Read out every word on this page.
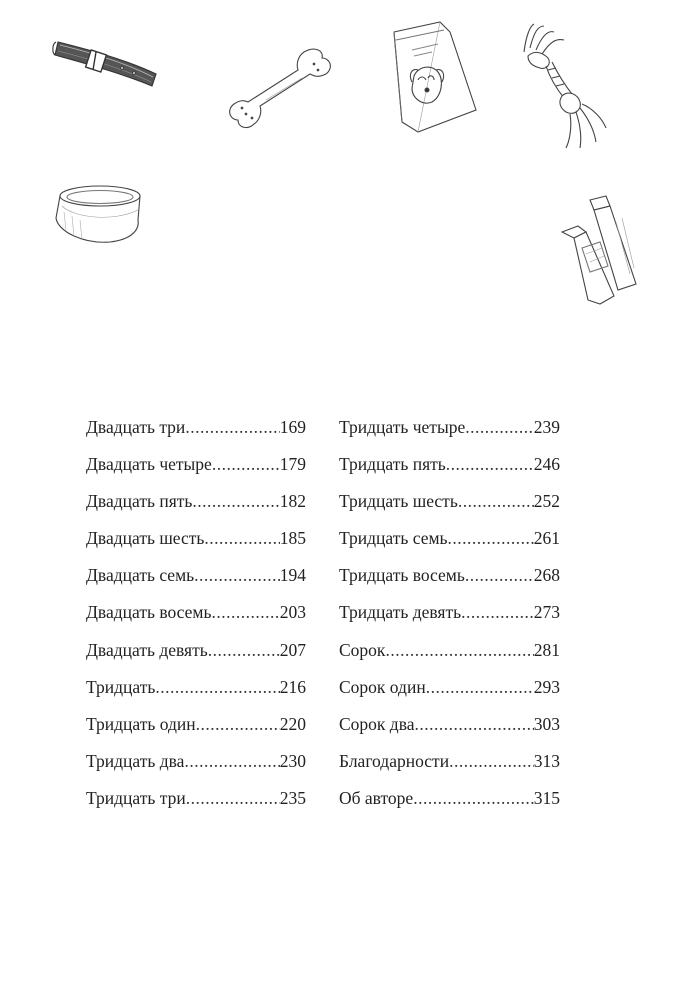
Двадцать три .....	169
Двадцать четыре .....	179
Двадцать пять .....	182
Двадцать шесть .....	185
Двадцать семь .....	194
Двадцать восемь .....	203
Двадцать девять .....	207
Тридцать .....	216
Тридцать один .....	220
Тридцать два .....	230
Тридцать три .....	235
Тридцать четыре .....	239
Тридцать пять .....	246
Тридцать шесть .....	252
Тридцать семь .....	261
Тридцать восемь .....	268
Тридцать девять .....	273
Сорок .....	281
Сорок один .....	293
Сорок два .....	303
Благодарности .....	313
Об авторе .....	315
